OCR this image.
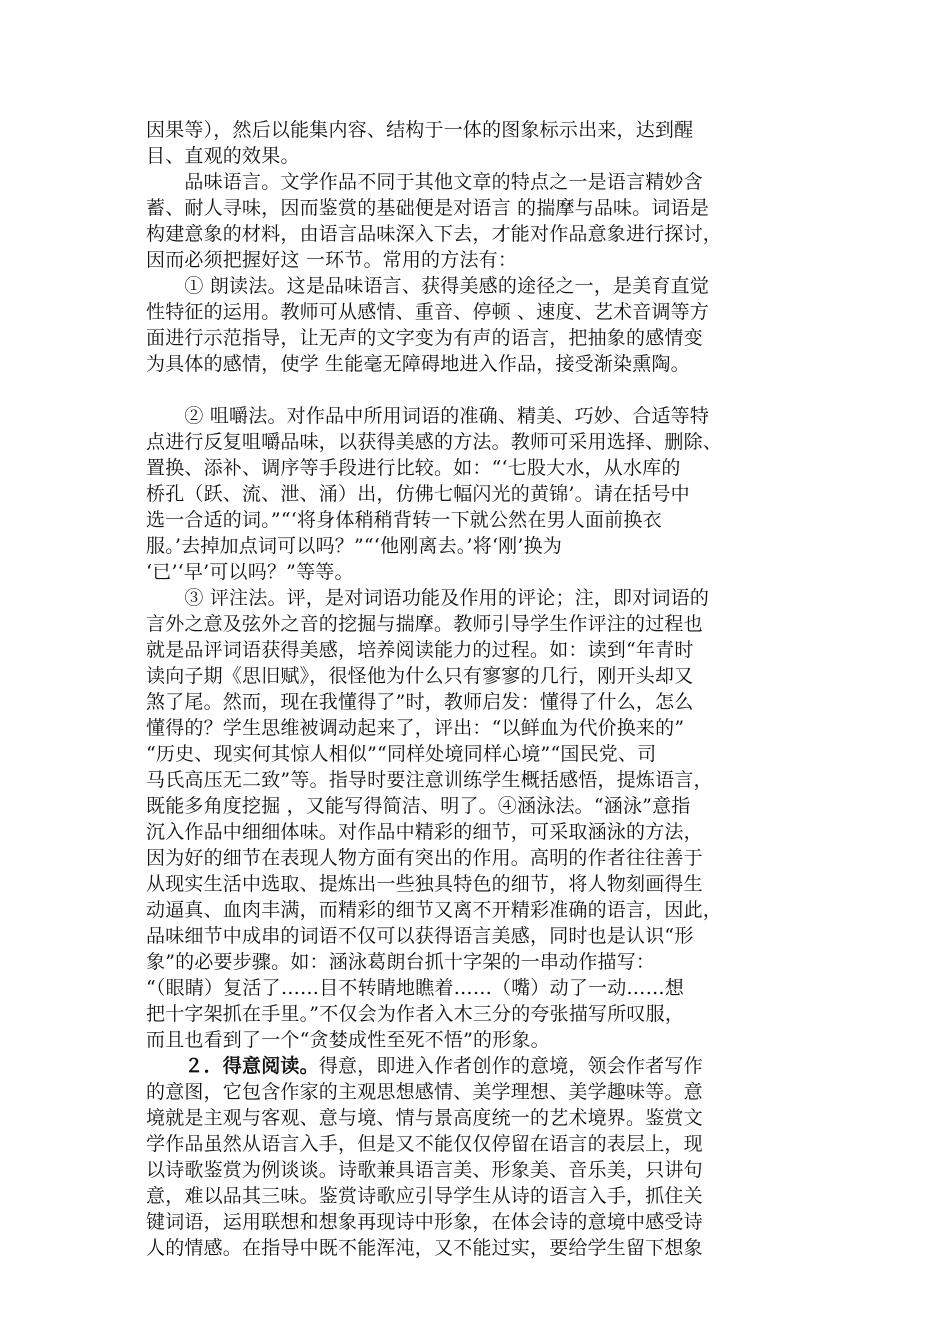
因果等），然后以能集内容、结构于一体的图象标示出来，达到醒
目、直观的效果。
　　品味语言。文学作品不同于其他文章的特点之一是语言精妙含
蓄、耐人寻味，因而鉴赏的基础便是对语言 的揣摩与品味。词语是
构建意象的材料，由语言品味深入下去，才能对作品意象进行探讨，
因而必须把握好这 一环节。常用的方法有：
　　① 朗读法。这是品味语言、获得美感的途径之一，是美育直觉
性特征的运用。教师可从感情、重音、停顿 、速度、艺术音调等方
面进行示范指导，让无声的文字变为有声的语言，把抽象的感情变
为具体的感情，使学 生能毫无障碍地进入作品，接受渐染熏陶。
　　② 咀嚼法。对作品中所用词语的准确、精美、巧妙、合适等特
点进行反复咀嚼品味，以获得美感的方法。教师可采用选择、删除、
置换、添补、调序等手段进行比较。如：“‘七股大水，从水库的
桥孔（跃、流、泄、涌）出，仿佛七幅闪光的黄锦’。请在括号中
选一合适的词。”“‘将身体稍稍背转一下就公然在男人面前换衣
服。’去掉加点词可以吗？”“‘他刚离去。’将‘刚’换为
‘已’‘早’可以吗？”等等。
　　③ 评注法。评，是对词语功能及作用的评论；注，即对词语的
言外之意及弦外之音的挖掘与揣摩。教师引导学生作评注的过程也
就是品评词语获得美感，培养阅读能力的过程。如：读到“年青时
读向子期《思旧赋》，很怪他为什么只有寥寥的几行，刚开头却又
煞了尾。然而，现在我懂得了”时，教师启发：懂得了什么，怎么
懂得的？学生思维被调动起来了，评出：“以鲜血为代价换来的”
“历史、现实何其惊人相似”“同样处境同样心境”“国民党、司
马氏高压无二致”等。指导时要注意训练学生概括感悟，提炼语言，
既能多角度挖掘 ，又能写得简洁、明了。④涵泳法。“涵泳”意指
沉入作品中细细体味。对作品中精彩的细节，可采取涵泳的方法，
因为好的细节在表现人物方面有突出的作用。高明的作者往往善于
从现实生活中选取、提炼出一些独具特色的细节，将人物刻画得生
动逼真、血肉丰满，而精彩的细节又离不开精彩准确的语言，因此，
品味细节中成串的词语不仅可以获得语言美感，同时也是认识“形
象”的必要步骤。如：涵泳葛朗台抓十字架的一串动作描写：
“（眼睛）复活了……目不转睛地瞧着……（嘴）动了一动……想
把十字架抓在手里。”不仅会为作者入木三分的夸张描写所叹服，
而且也看到了一个“贪婪成性至死不悟”的形象。
　　２．得意阅读。得意，即进入作者创作的意境，领会作者写作
的意图，它包含作家的主观思想感情、美学理想、美学趣味等。意
境就是主观与客观、意与境、情与景高度统一的艺术境界。鉴赏文
学作品虽然从语言入手，但是又不能仅仅停留在语言的表层上，现
以诗歌鉴赏为例谈谈。诗歌兼具语言美、形象美、音乐美，只讲句
意，难以品其三味。鉴赏诗歌应引导学生从诗的语言入手，抓住关
键词语，运用联想和想象再现诗中形象，在体会诗的意境中感受诗
人的情感。在指导中既不能浑沌，又不能过实，要给学生留下想象
